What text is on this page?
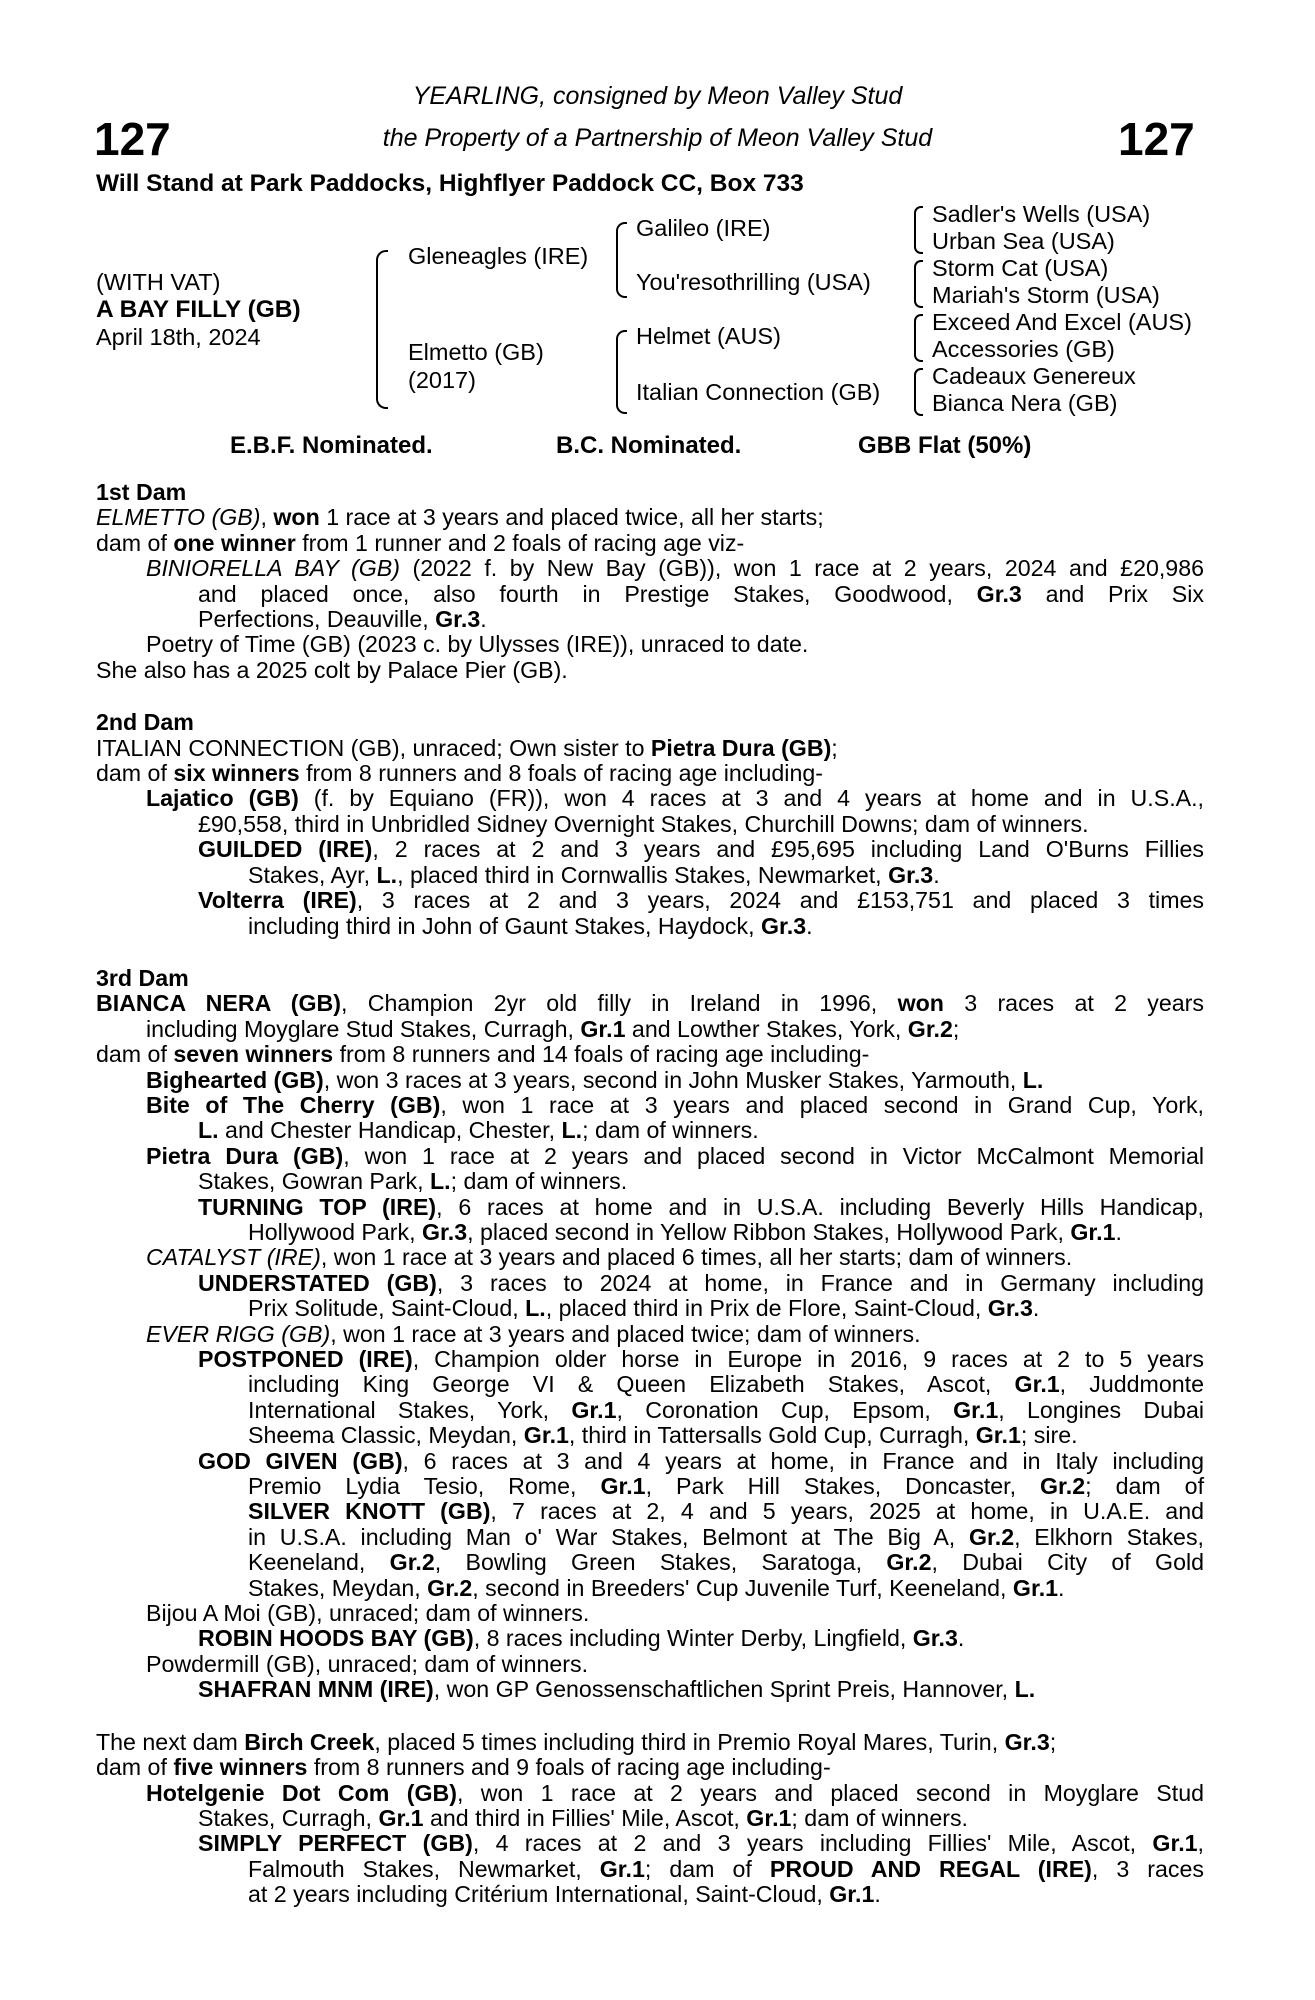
127	127
YEARLING, consigned by Meon Valley Stud
the Property of a Partnership of Meon Valley Stud
Will Stand at Park Paddocks, Highflyer Paddock CC, Box 733
(WITH VAT)
A BAY FILLY (GB)
April 18th, 2024
Gleneagles (IRE)
Elmetto (GB)
(2017)
Galileo (IRE)
You'resothrilling (USA)
Helmet (AUS)
Italian Connection (GB)
Sadler's Wells (USA)
Urban Sea (USA)
Storm Cat (USA)
Mariah's Storm (USA)
Exceed And Excel (AUS)
Accessories (GB)
Cadeaux Genereux
Bianca Nera (GB)
E.B.F. Nominated.	B.C. Nominated.	GBB Flat (50%)
1st Dam
ELMETTO (GB), won 1 race at 3 years and placed twice, all her starts;
dam of one winner from 1 runner and 2 foals of racing age viz-
BINIORELLA BAY (GB) (2022 f. by New Bay (GB)), won 1 race at 2 years, 2024 and £20,986
and placed once, also fourth in Prestige Stakes, Goodwood, Gr.3 and Prix Six
Perfections, Deauville, Gr.3.
Poetry of Time (GB) (2023 c. by Ulysses (IRE)), unraced to date.
She also has a 2025 colt by Palace Pier (GB).
2nd Dam
ITALIAN CONNECTION (GB), unraced; Own sister to Pietra Dura (GB);
dam of six winners from 8 runners and 8 foals of racing age including-
Lajatico (GB) (f. by Equiano (FR)), won 4 races at 3 and 4 years at home and in U.S.A.,
£90,558, third in Unbridled Sidney Overnight Stakes, Churchill Downs; dam of winners.
GUILDED (IRE), 2 races at 2 and 3 years and £95,695 including Land O'Burns Fillies
Stakes, Ayr, L., placed third in Cornwallis Stakes, Newmarket, Gr.3.
Volterra (IRE), 3 races at 2 and 3 years, 2024 and £153,751 and placed 3 times
including third in John of Gaunt Stakes, Haydock, Gr.3.
3rd Dam
BIANCA NERA (GB), Champion 2yr old filly in Ireland in 1996, won 3 races at 2 years
including Moyglare Stud Stakes, Curragh, Gr.1 and Lowther Stakes, York, Gr.2;
dam of seven winners from 8 runners and 14 foals of racing age including-
Bighearted (GB), won 3 races at 3 years, second in John Musker Stakes, Yarmouth, L.
Bite of The Cherry (GB), won 1 race at 3 years and placed second in Grand Cup, York,
L. and Chester Handicap, Chester, L.; dam of winners.
Pietra Dura (GB), won 1 race at 2 years and placed second in Victor McCalmont Memorial
Stakes, Gowran Park, L.; dam of winners.
TURNING TOP (IRE), 6 races at home and in U.S.A. including Beverly Hills Handicap,
Hollywood Park, Gr.3, placed second in Yellow Ribbon Stakes, Hollywood Park, Gr.1.
CATALYST (IRE), won 1 race at 3 years and placed 6 times, all her starts; dam of winners.
UNDERSTATED (GB), 3 races to 2024 at home, in France and in Germany including
Prix Solitude, Saint-Cloud, L., placed third in Prix de Flore, Saint-Cloud, Gr.3.
EVER RIGG (GB), won 1 race at 3 years and placed twice; dam of winners.
POSTPONED (IRE), Champion older horse in Europe in 2016, 9 races at 2 to 5 years
including King George VI & Queen Elizabeth Stakes, Ascot, Gr.1, Juddmonte
International Stakes, York, Gr.1, Coronation Cup, Epsom, Gr.1, Longines Dubai
Sheema Classic, Meydan, Gr.1, third in Tattersalls Gold Cup, Curragh, Gr.1; sire.
GOD GIVEN (GB), 6 races at 3 and 4 years at home, in France and in Italy including
Premio Lydia Tesio, Rome, Gr.1, Park Hill Stakes, Doncaster, Gr.2; dam of
SILVER KNOTT (GB), 7 races at 2, 4 and 5 years, 2025 at home, in U.A.E. and
in U.S.A. including Man o' War Stakes, Belmont at The Big A, Gr.2, Elkhorn Stakes,
Keeneland, Gr.2, Bowling Green Stakes, Saratoga, Gr.2, Dubai City of Gold
Stakes, Meydan, Gr.2, second in Breeders' Cup Juvenile Turf, Keeneland, Gr.1.
Bijou A Moi (GB), unraced; dam of winners.
ROBIN HOODS BAY (GB), 8 races including Winter Derby, Lingfield, Gr.3.
Powdermill (GB), unraced; dam of winners.
SHAFRAN MNM (IRE), won GP Genossenschaftlichen Sprint Preis, Hannover, L.
The next dam Birch Creek, placed 5 times including third in Premio Royal Mares, Turin, Gr.3;
dam of five winners from 8 runners and 9 foals of racing age including-
Hotelgenie Dot Com (GB), won 1 race at 2 years and placed second in Moyglare Stud
Stakes, Curragh, Gr.1 and third in Fillies' Mile, Ascot, Gr.1; dam of winners.
SIMPLY PERFECT (GB), 4 races at 2 and 3 years including Fillies' Mile, Ascot, Gr.1,
Falmouth Stakes, Newmarket, Gr.1; dam of PROUD AND REGAL (IRE), 3 races
at 2 years including Critérium International, Saint-Cloud, Gr.1.
